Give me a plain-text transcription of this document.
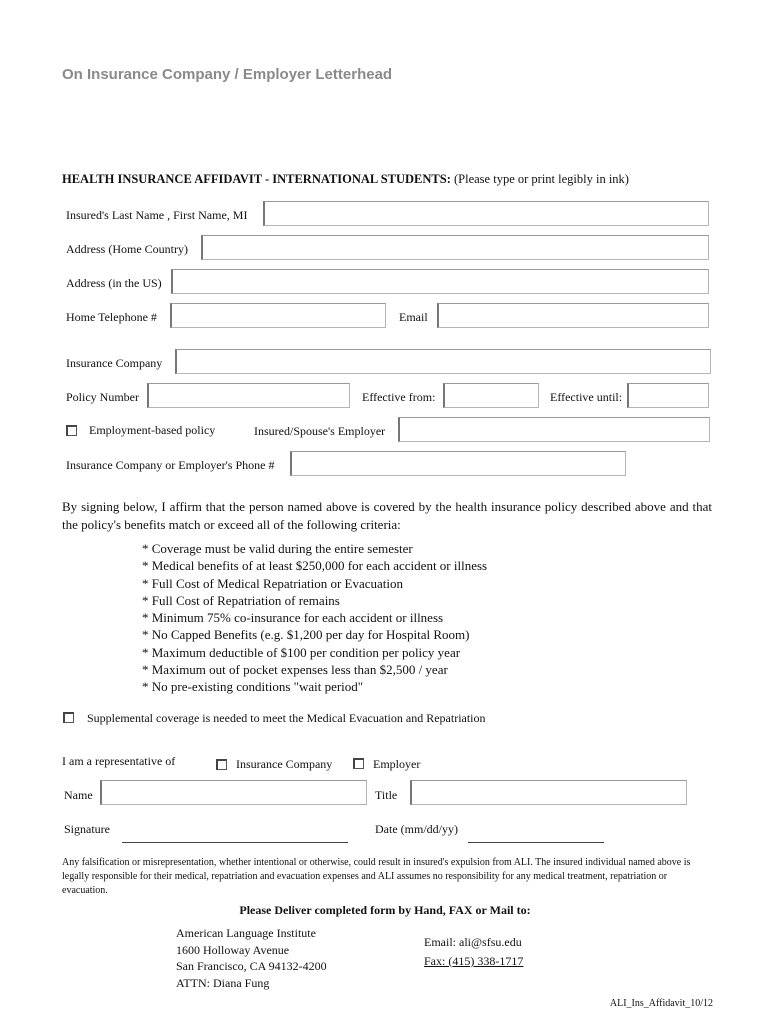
On Insurance Company / Employer Letterhead
HEALTH INSURANCE AFFIDAVIT - INTERNATIONAL STUDENTS: (Please type or print legibly in ink)
Insured's Last Name , First Name, MI
Address (Home Country)
Address (in the US)
Home Telephone #	Email
Insurance Company
Policy Number	Effective from:	Effective until:
Employment-based policy	Insured/Spouse's Employer
Insurance Company or Employer's Phone #
By signing below, I affirm that the person named above is covered by the health insurance policy described above and that the policy's benefits match or exceed all of the following criteria:
* Coverage must be valid during the entire semester
* Medical benefits of at least $250,000 for each accident or illness
* Full Cost of Medical Repatriation or Evacuation
* Full Cost of Repatriation of remains
* Minimum 75% co-insurance for each accident or illness
* No Capped Benefits (e.g. $1,200 per day for Hospital Room)
* Maximum deductible of $100 per condition per policy year
* Maximum out of pocket expenses less than $2,500 / year
* No pre-existing conditions "wait period"
Supplemental coverage is needed to meet the Medical Evacuation and Repatriation
I am a representative of	Insurance Company	Employer
Name	Title
Signature	Date (mm/dd/yy)
Any falsification or misrepresentation, whether intentional or otherwise, could result in insured's expulsion from ALI. The insured individual named above is legally responsible for their medical, repatriation and evacuation expenses and ALI assumes no responsibility for any medical treatment, repatriation or evacuation.
Please Deliver completed form by Hand, FAX or Mail to:
American Language Institute
1600 Holloway Avenue
San Francisco, CA 94132-4200
ATTN: Diana Fung
Email: ali@sfsu.edu
Fax: (415) 338-1717
ALI_Ins_Affidavit_10/12
